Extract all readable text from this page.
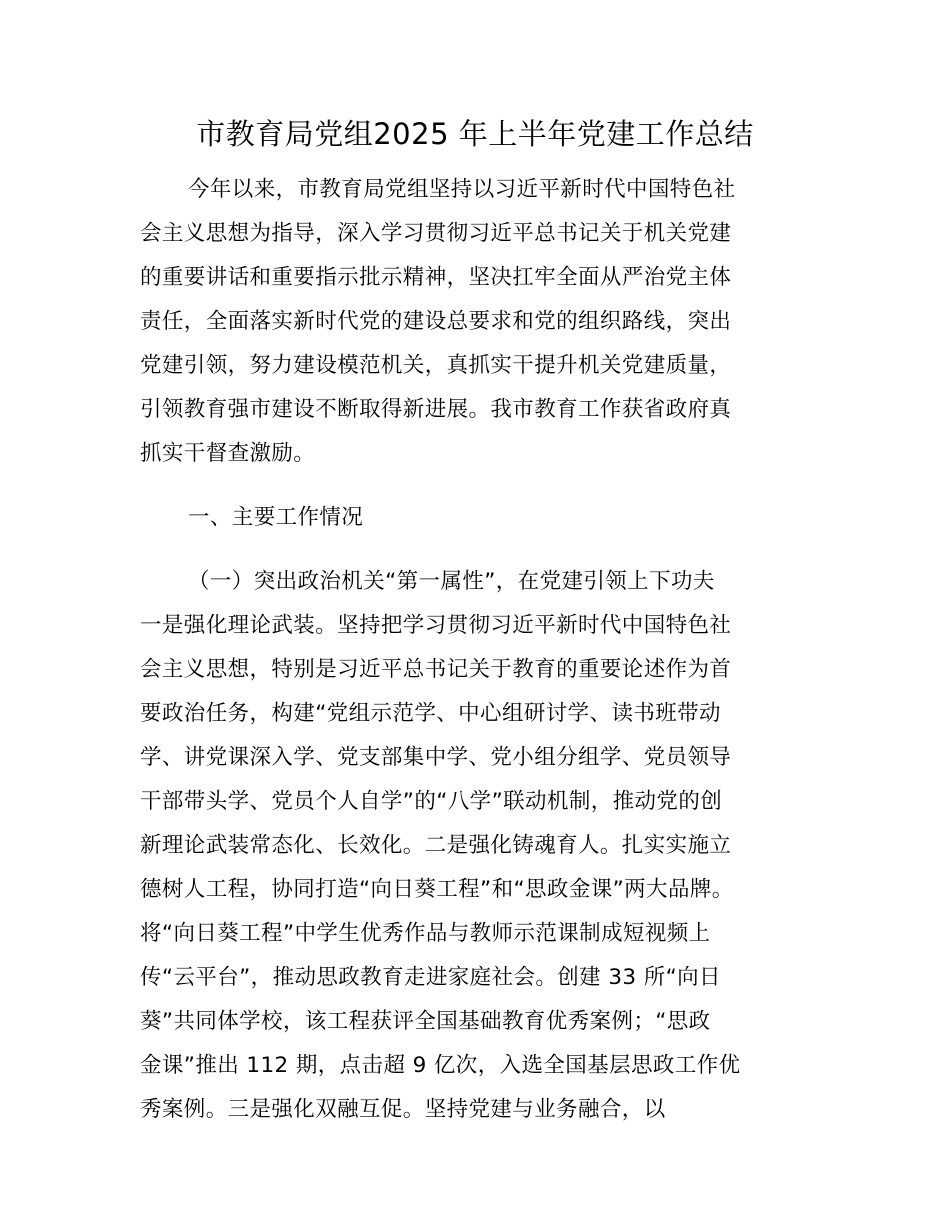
市教育局党组2025 年上半年党建工作总结
今年以来，市教育局党组坚持以习近平新时代中国特色社
会主义思想为指导，深入学习贯彻习近平总书记关于机关党建
的重要讲话和重要指示批示精神，坚决扛牢全面从严治党主体
责任，全面落实新时代党的建设总要求和党的组织路线，突出
党建引领，努力建设模范机关，真抓实干提升机关党建质量，
引领教育强市建设不断取得新进展。我市教育工作获省政府真
抓实干督查激励。
一、主要工作情况
（一）突出政治机关“第一属性”，在党建引领上下功夫
一是强化理论武装。坚持把学习贯彻习近平新时代中国特色社
会主义思想，特别是习近平总书记关于教育的重要论述作为首
要政治任务，构建“党组示范学、中心组研讨学、读书班带动
学、讲党课深入学、党支部集中学、党小组分组学、党员领导
干部带头学、党员个人自学”的“八学”联动机制，推动党的创
新理论武装常态化、长效化。二是强化铸魂育人。扎实实施立
德树人工程，协同打造“向日葵工程”和“思政金课”两大品牌。
将“向日葵工程”中学生优秀作品与教师示范课制成短视频上
传“云平台”，推动思政教育走进家庭社会。创建 33 所“向日
葵”共同体学校，该工程获评全国基础教育优秀案例；“思政
金课”推出 112 期，点击超 9 亿次，入选全国基层思政工作优
秀案例。三是强化双融互促。坚持党建与业务融合，以
